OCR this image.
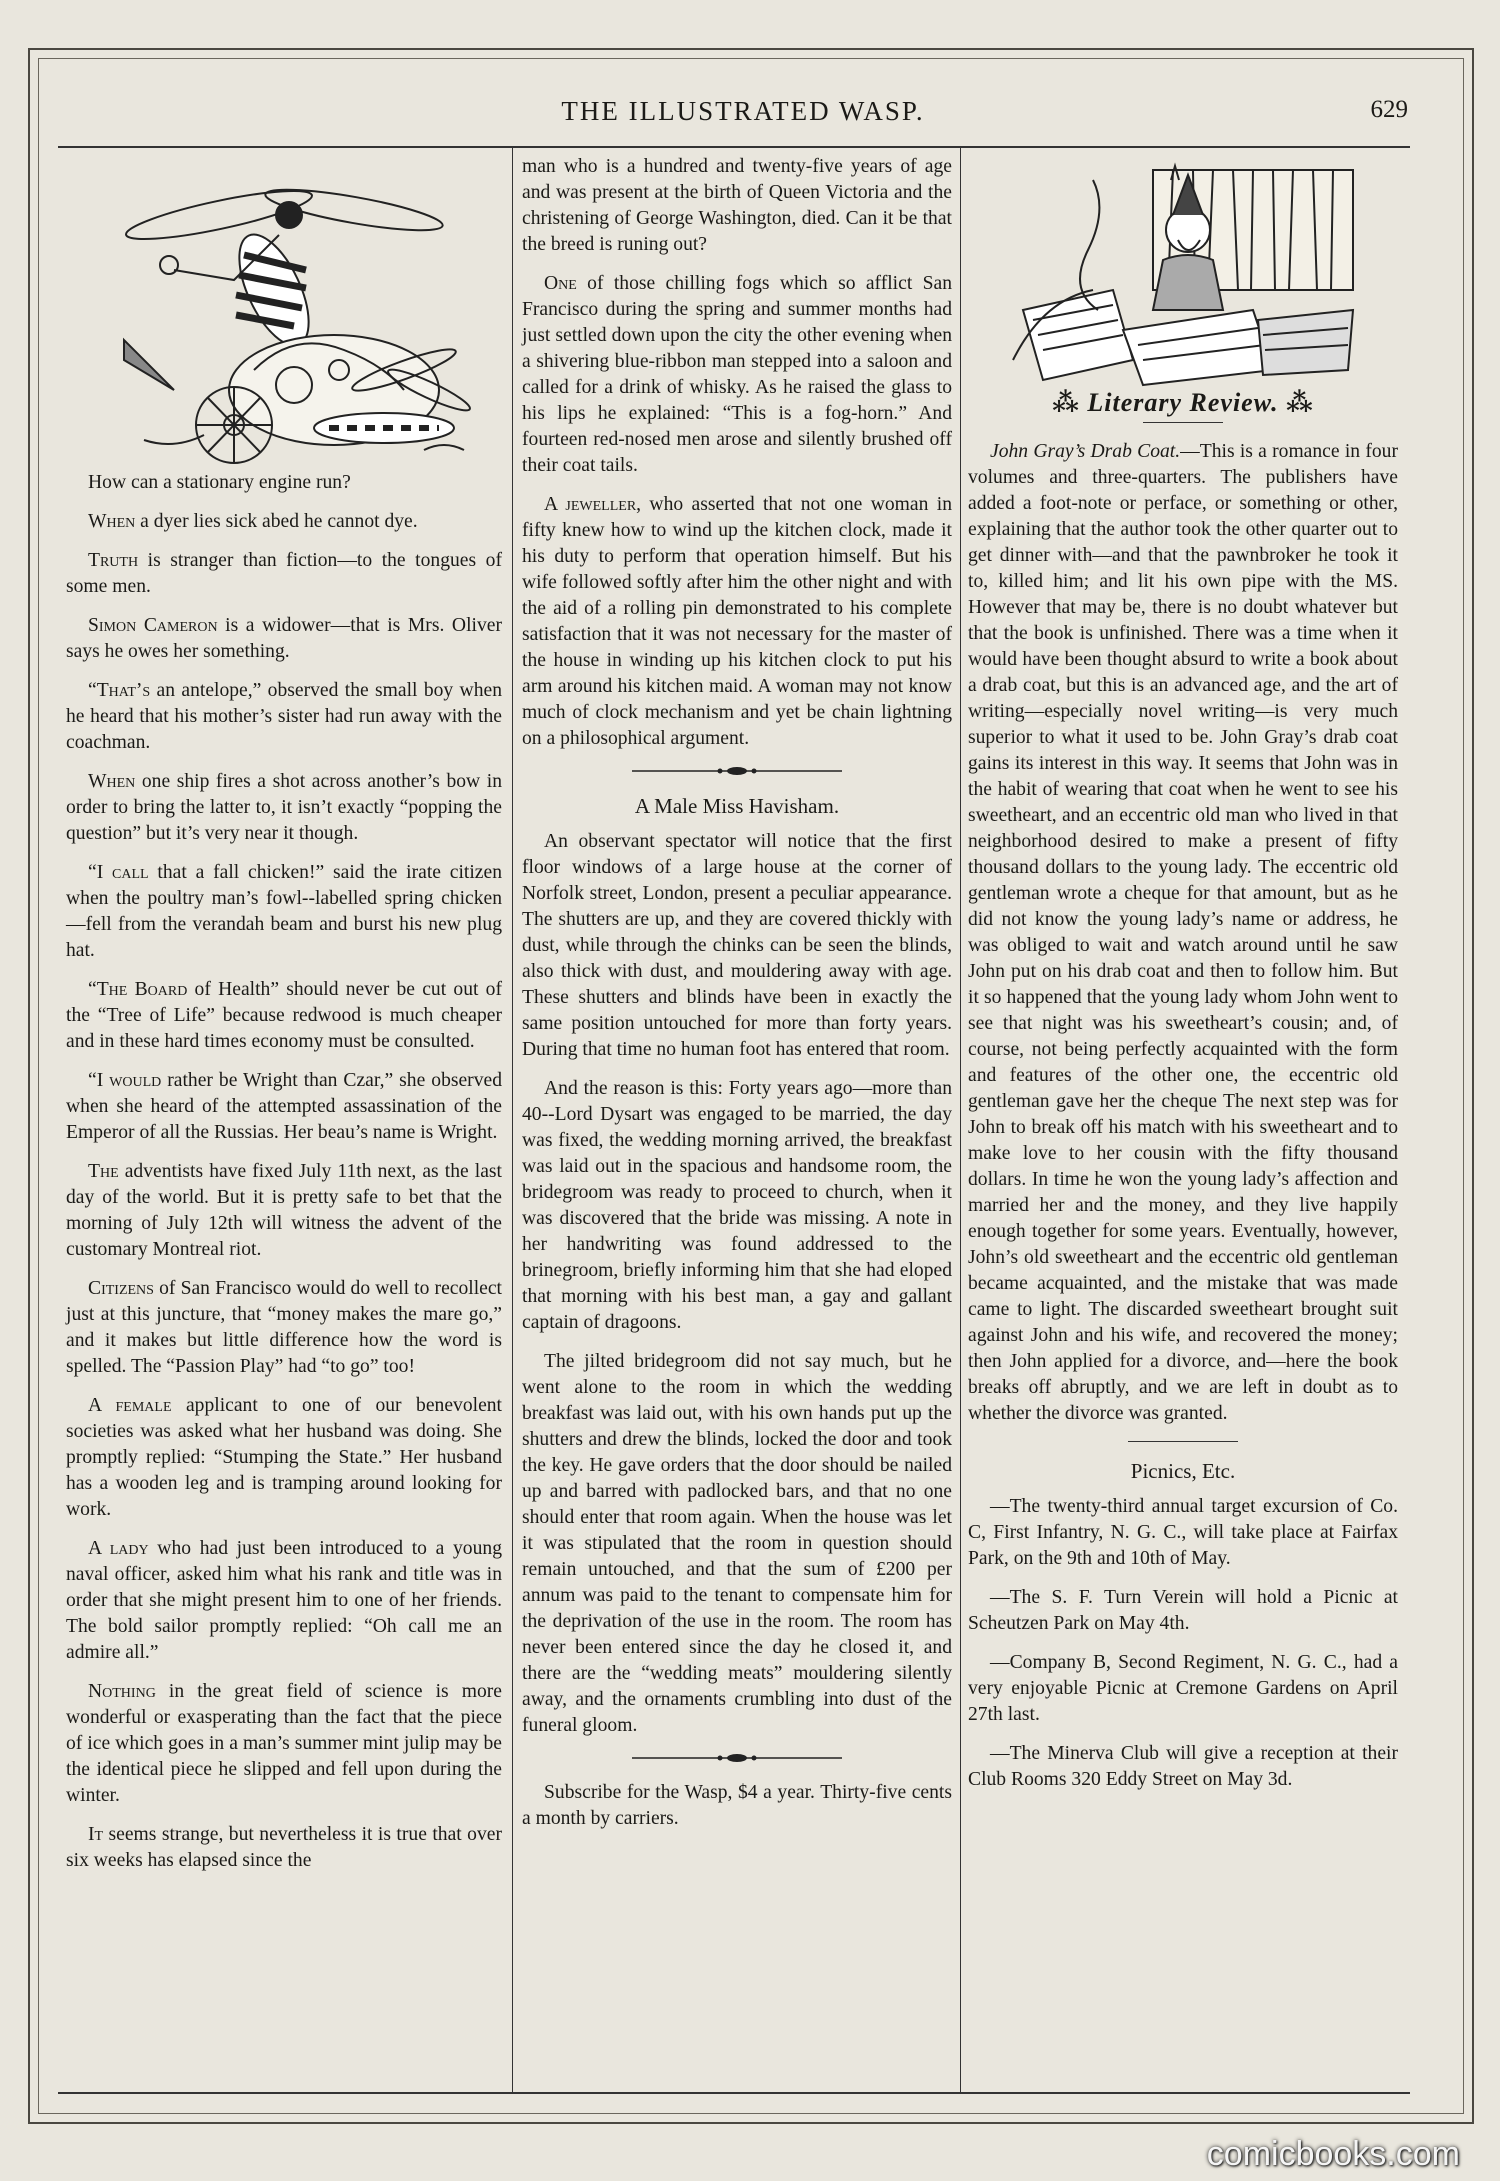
THE ILLUSTRATED WASP.	629

How can a stationary engine run?

When a dyer lies sick abed he cannot dye.

Truth is stranger than fiction—to the tongues of some men.

Simon Cameron is a widower—that is Mrs. Oliver says he owes her something.

“That’s an antelope,” observed the small boy when he heard that his mother’s sister had run away with the coachman.

When one ship fires a shot across another’s bow in order to bring the latter to, it isn’t exactly “popping the question” but it’s very near it though.

“I call that a fall chicken!” said the irate citizen when the poultry man’s fowl--labelled spring chicken—fell from the verandah beam and burst his new plug hat.

“The Board of Health” should never be cut out of the “Tree of Life” because redwood is much cheaper and in these hard times economy must be consulted.

“I would rather be Wright than Czar,” she observed when she heard of the attempted assassination of the Emperor of all the Russias. Her beau’s name is Wright.

The adventists have fixed July 11th next, as the last day of the world. But it is pretty safe to bet that the morning of July 12th will witness the advent of the customary Montreal riot.

Citizens of San Francisco would do well to recollect just at this juncture, that “money makes the mare go,” and it makes but little difference how the word is spelled. The “Passion Play” had “to go” too!

A female applicant to one of our benevolent societies was asked what her husband was doing. She promptly replied: “Stumping the State.” Her husband has a wooden leg and is tramping around looking for work.

A lady who had just been introduced to a young naval officer, asked him what his rank and title was in order that she might present him to one of her friends. The bold sailor promptly replied: “Oh call me an admire all.”

Nothing in the great field of science is more wonderful or exasperating than the fact that the piece of ice which goes in a man’s summer mint julip may be the identical piece he slipped and fell upon during the winter.

It seems strange, but nevertheless it is true that over six weeks has elapsed since the

man who is a hundred and twenty-five years of age and was present at the birth of Queen Victoria and the christening of George Washington, died. Can it be that the breed is runing out?

One of those chilling fogs which so afflict San Francisco during the spring and summer months had just settled down upon the city the other evening when a shivering blue-ribbon man stepped into a saloon and called for a drink of whisky. As he raised the glass to his lips he explained: “This is a fog-horn.” And fourteen red-nosed men arose and silently brushed off their coat tails.

A jeweller, who asserted that not one woman in fifty knew how to wind up the kitchen clock, made it his duty to perform that operation himself. But his wife followed softly after him the other night and with the aid of a rolling pin demonstrated to his complete satisfaction that it was not necessary for the master of the house in winding up his kitchen clock to put his arm around his kitchen maid. A woman may not know much of clock mechanism and yet be chain lightning on a philosophical argument.

A Male Miss Havisham.

An observant spectator will notice that the first floor windows of a large house at the corner of Norfolk street, London, present a peculiar appearance. The shutters are up, and they are covered thickly with dust, while through the chinks can be seen the blinds, also thick with dust, and mouldering away with age. These shutters and blinds have been in exactly the same position untouched for more than forty years. During that time no human foot has entered that room.

And the reason is this: Forty years ago—more than 40--Lord Dysart was engaged to be married, the day was fixed, the wedding morning arrived, the breakfast was laid out in the spacious and handsome room, the bridegroom was ready to proceed to church, when it was discovered that the bride was missing. A note in her handwriting was found addressed to the brinegroom, briefly informing him that she had eloped that morning with his best man, a gay and gallant captain of dragoons.

The jilted bridegroom did not say much, but he went alone to the room in which the wedding breakfast was laid out, with his own hands put up the shutters and drew the blinds, locked the door and took the key. He gave orders that the door should be nailed up and barred with padlocked bars, and that no one should enter that room again. When the house was let it was stipulated that the room in question should remain untouched, and that the sum of £200 per annum was paid to the tenant to compensate him for the deprivation of the use in the room. The room has never been entered since the day he closed it, and there are the “wedding meats” mouldering silently away, and the ornaments crumbling into dust of the funeral gloom.

Subscribe for the Wasp, $4 a year. Thirty-five cents a month by carriers.

⁂ Literary Review. ⁂

John Gray’s Drab Coat.—This is a romance in four volumes and three-quarters. The publishers have added a foot-note or perface, or something or other, explaining that the author took the other quarter out to get dinner with—and that the pawnbroker he took it to, killed him; and lit his own pipe with the MS. However that may be, there is no doubt whatever but that the book is unfinished. There was a time when it would have been thought absurd to write a book about a drab coat, but this is an advanced age, and the art of writing—especially novel writing—is very much superior to what it used to be. John Gray’s drab coat gains its interest in this way. It seems that John was in the habit of wearing that coat when he went to see his sweetheart, and an eccentric old man who lived in that neighborhood desired to make a present of fifty thousand dollars to the young lady. The eccentric old gentleman wrote a cheque for that amount, but as he did not know the young lady’s name or address, he was obliged to wait and watch around until he saw John put on his drab coat and then to follow him. But it so happened that the young lady whom John went to see that night was his sweetheart’s cousin; and, of course, not being perfectly acquainted with the form and features of the other one, the eccentric old gentleman gave her the cheque The next step was for John to break off his match with his sweetheart and to make love to her cousin with the fifty thousand dollars. In time he won the young lady’s affection and married her and the money, and they live happily enough together for some years. Eventually, however, John’s old sweetheart and the eccentric old gentleman became acquainted, and the mistake that was made came to light. The discarded sweetheart brought suit against John and his wife, and recovered the money; then John applied for a divorce, and—here the book breaks off abruptly, and we are left in doubt as to whether the divorce was granted.

Picnics, Etc.

—The twenty-third annual target excursion of Co. C, First Infantry, N. G. C., will take place at Fairfax Park, on the 9th and 10th of May.

—The S. F. Turn Verein will hold a Picnic at Scheutzen Park on May 4th.

—Company B, Second Regiment, N. G. C., had a very enjoyable Picnic at Cremone Gardens on April 27th last.

—The Minerva Club will give a reception at their Club Rooms 320 Eddy Street on May 3d.

comicbooks.com
